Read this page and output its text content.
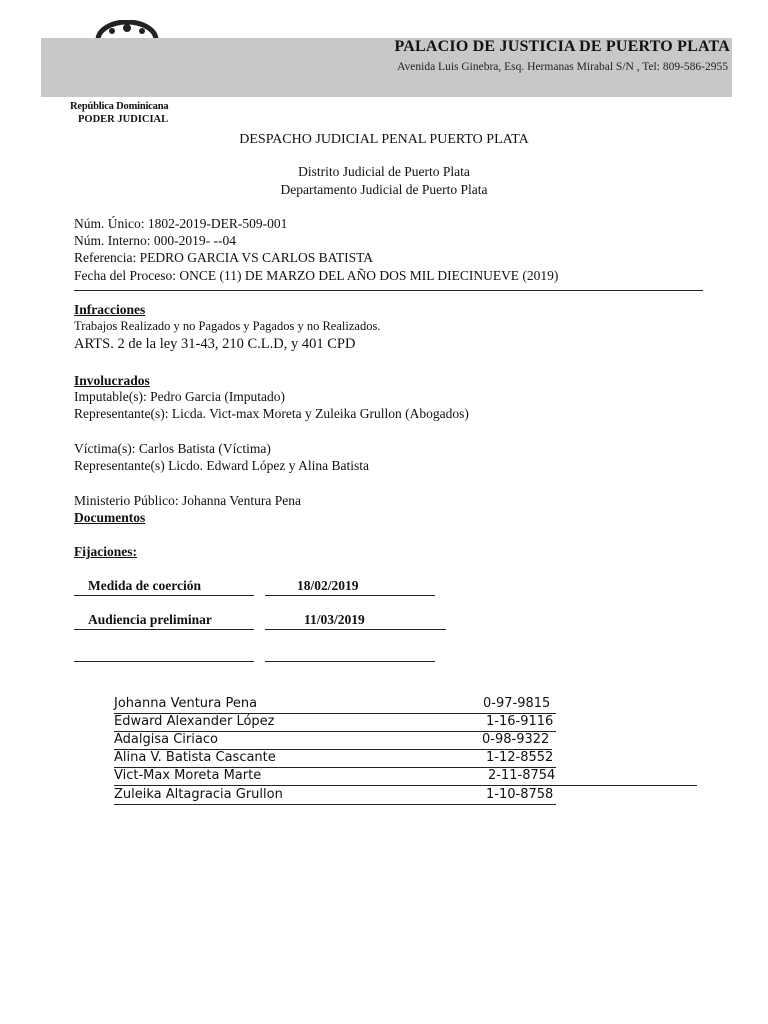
PALACIO DE JUSTICIA DE PUERTO PLATA
Avenida Luis Ginebra, Esq. Hermanas Mirabal S/N , Tel: 809-586-2955
República Dominicana
PODER JUDICIAL
DESPACHO JUDICIAL PENAL PUERTO PLATA
Distrito Judicial de Puerto Plata
Departamento Judicial de Puerto Plata
Núm. Único: 1802-2019-DER-509-001
Núm. Interno: 000-2019- --04
Referencia: PEDRO GARCIA VS CARLOS BATISTA
Fecha del Proceso: ONCE (11) DE MARZO DEL AÑO DOS MIL DIECINUEVE (2019)
Infracciones
Trabajos Realizado y no Pagados y Pagados y no Realizados.
ARTS. 2 de la ley 31-43, 210 C.L.D, y 401 CPD
Involucrados
Imputable(s): Pedro Garcia (Imputado)
Representante(s): Licda. Vict-max Moreta y Zuleika Grullon (Abogados)
Víctima(s): Carlos Batista (Víctima)
Representante(s) Licdo. Edward López y Alina Batista
Ministerio Público: Johanna Ventura Pena
Documentos
Fijaciones:
Medida de coerción	18/02/2019
Audiencia preliminar	11/03/2019
Johanna Ventura Pena	0-97-9815
Edward Alexander López	1-16-9116
Adalgisa Ciriaco	0-98-9322
Alina V. Batista Cascante	1-12-8552
Vict-Max Moreta Marte	2-11-8754
Zuleika Altagracia Grullon	1-10-8758
